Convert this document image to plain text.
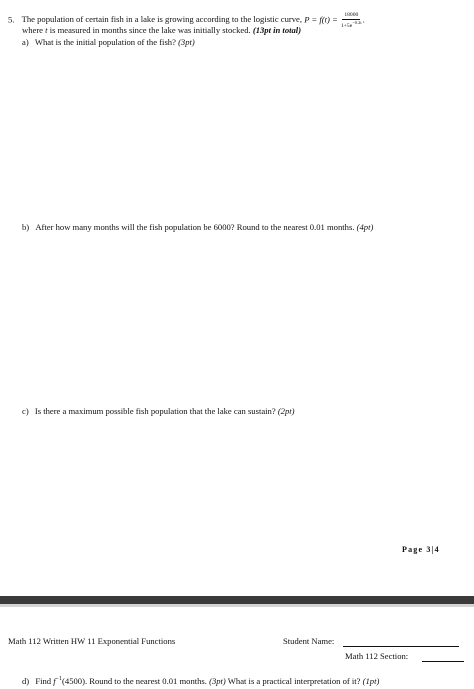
5. The population of certain fish in a lake is growing according to the logistic curve, $P = f(t) = \frac{18000}{1+5e^{-0.2t}}$ .
where t is measured in months since the lake was initially stocked. (13pt in total)
a) What is the initial population of the fish? (3pt)
b) After how many months will the fish population be 6000? Round to the nearest 0.01 months. (4pt)
c) Is there a maximum possible fish population that the lake can sustain? (2pt)
Page 3|4
Math 112 Written HW 11 Exponential Functions	Student Name:
Math 112 Section:
d) Find $f^{-1}(4500)$. Round to the nearest 0.01 months. (3pt) What is a practical interpretation of it? (1pt)
